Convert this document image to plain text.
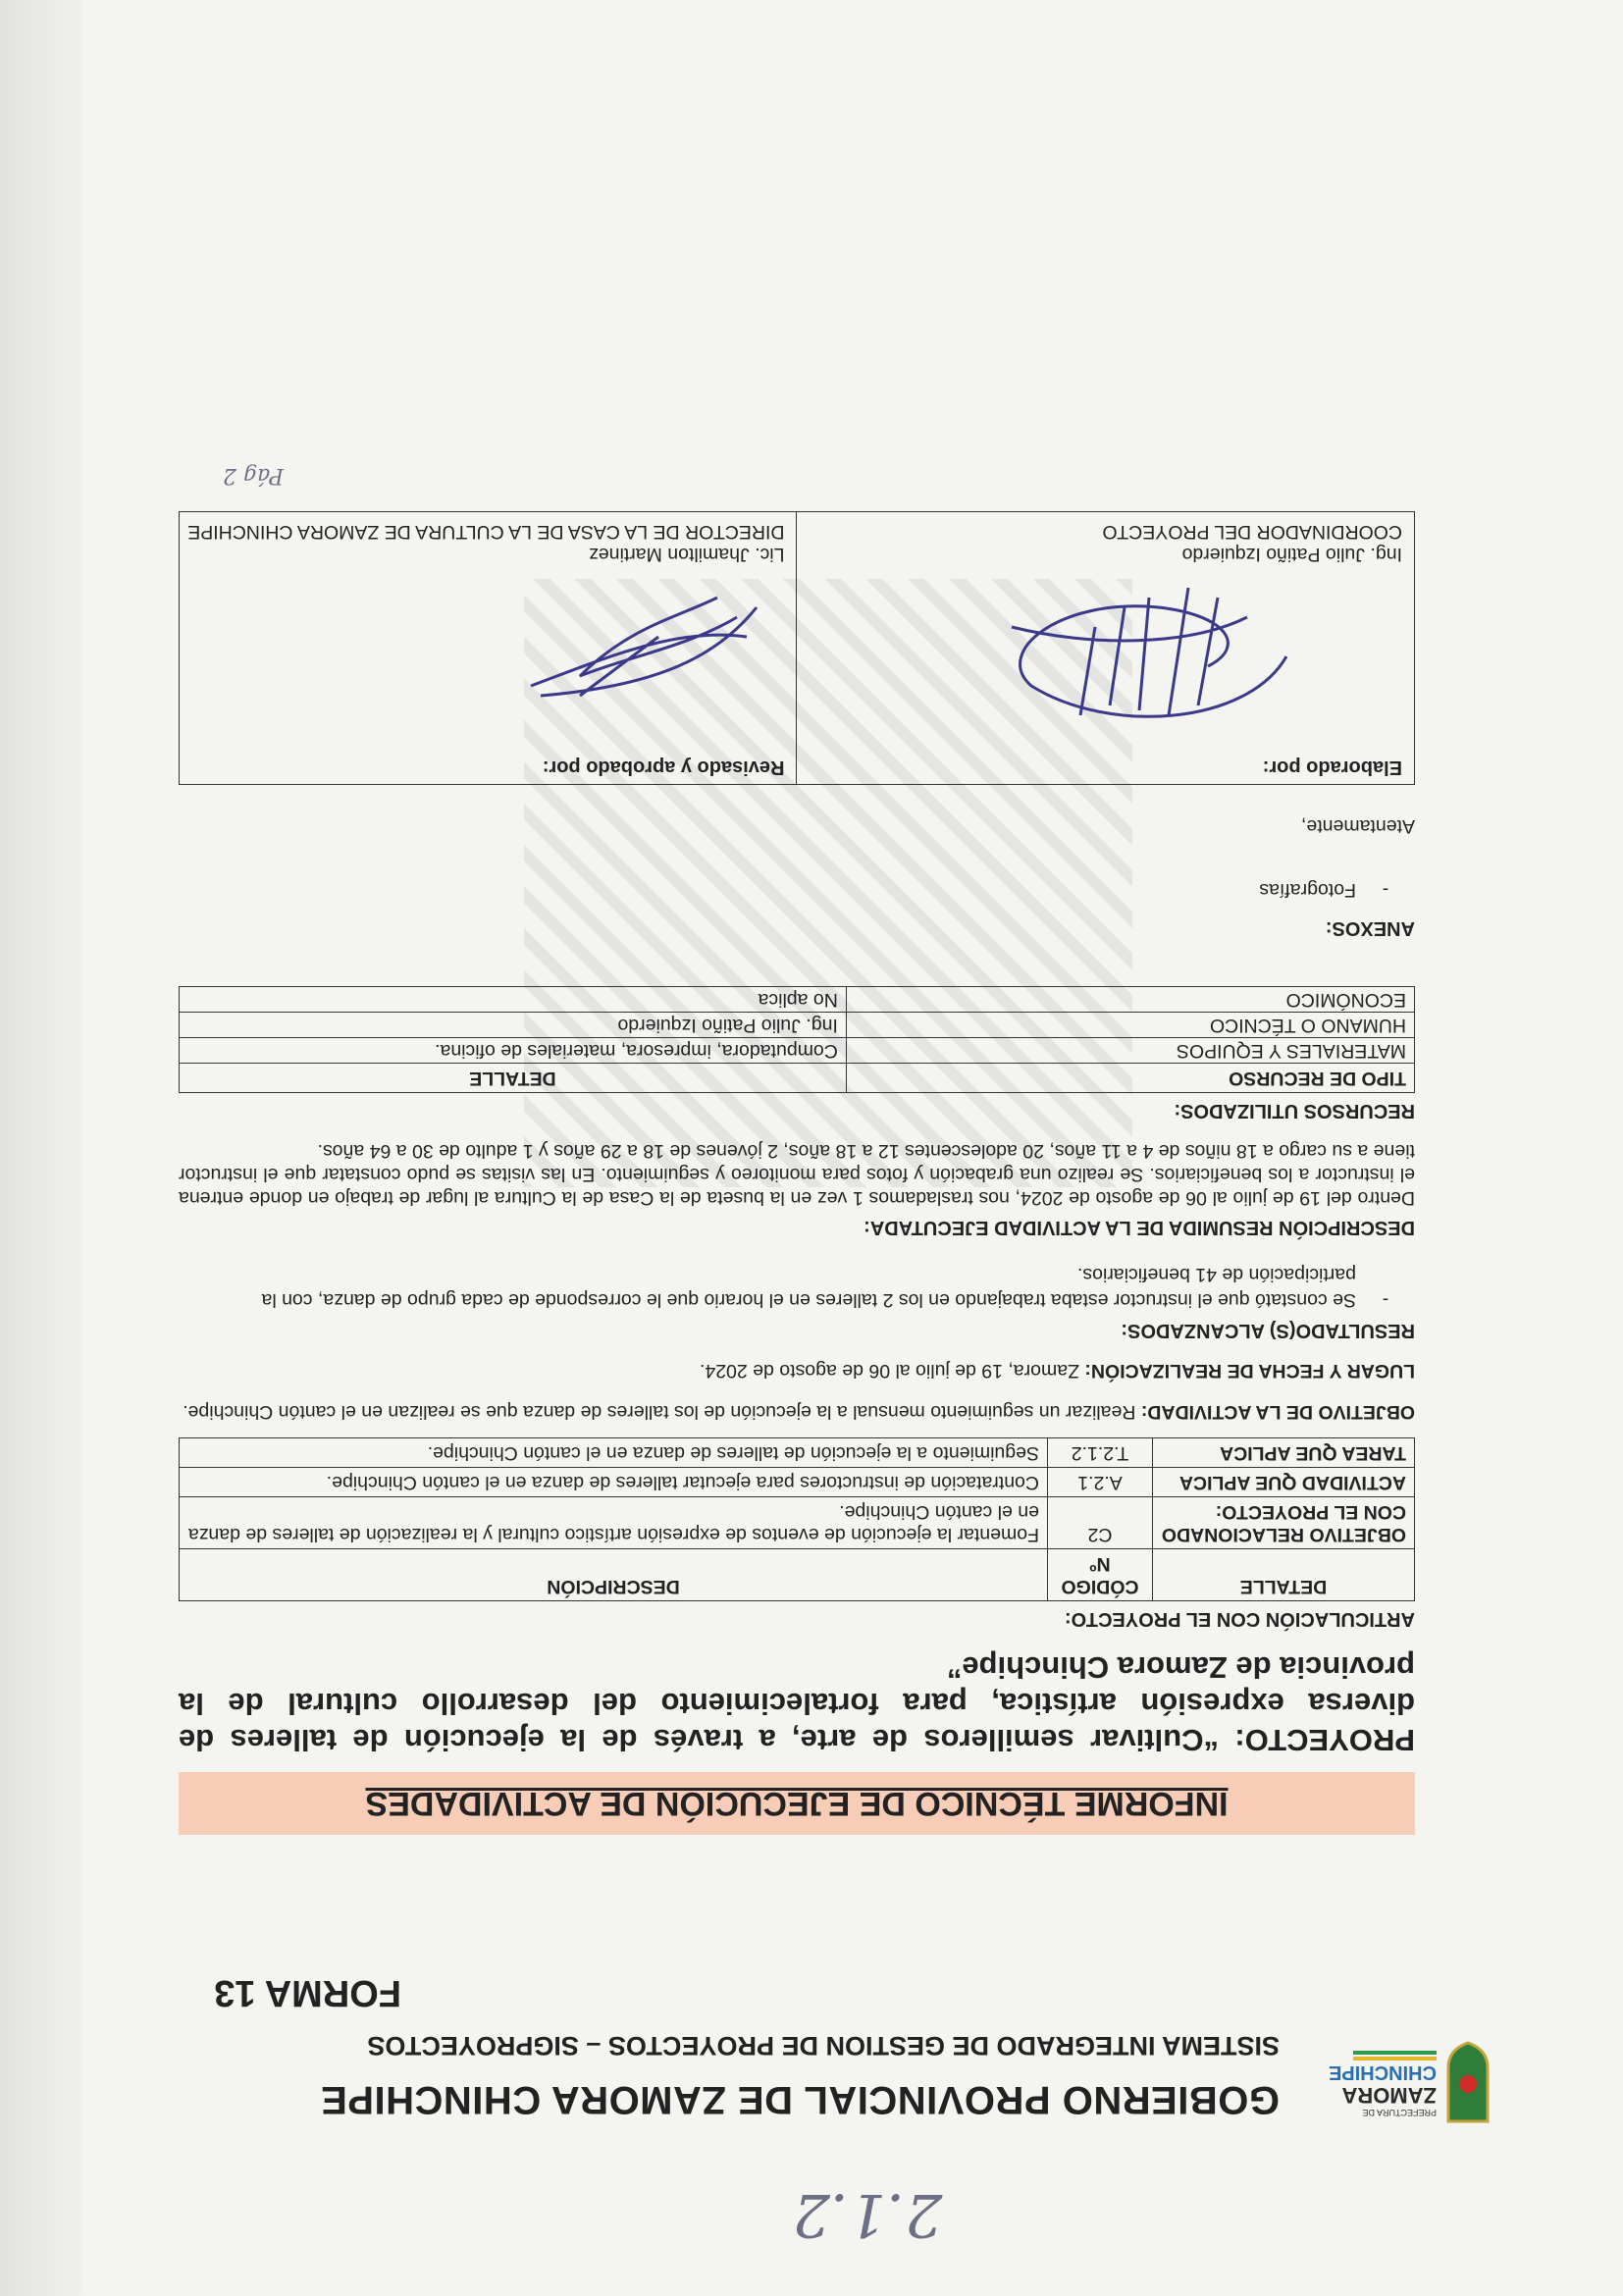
2.1.2
PREFECTURA DE
ZAMORA
CHINCHIPE
GOBIERNO PROVINCIAL DE ZAMORA CHINCHIPE
SISTEMA INTEGRADO DE GESTION DE PROYECTOS – SIGPROYECTOS
FORMA 13
INFORME TÉCNICO DE EJECUCIÓN DE ACTIVIDADES
PROYECTO: “Cultivar semilleros de arte, a través de la ejecución de talleres de diversa expresión artística, para fortalecimiento del desarrollo cultural de la provincia de Zamora Chinchipe”
ARTICULACIÓN CON EL PROYECTO:
DETALLE	CÓDIGO Nº	DESCRIPCIÓN
OBJETIVO RELACIONADO CON EL PROYECTO:	C2	Fomentar la ejecución de eventos de expresión artístico cultural y la realización de talleres de danza en el cantón Chinchipe.
ACTIVIDAD QUE APLICA	A.2.1	Contratación de instructores para ejecutar talleres de danza en el cantón Chinchipe.
TAREA QUE APLICA	T.2.1.2	Seguimiento a la ejecución de talleres de danza en el cantón Chinchipe.

OBJETIVO DE LA ACTIVIDAD: Realizar un seguimiento mensual a la ejecución de los talleres de danza que se realizan en el cantón Chinchipe.

LUGAR Y FECHA DE REALIZACIÓN: Zamora, 19 de julio al 06 de agosto de 2024.

RESULTADO(S) ALCANZADOS:
-
Se constató que el instructor estaba trabajando en los 2 talleres en el horario que le corresponde de cada grupo de danza, con la participación de 41 beneficiarios.
DESCRIPCIÓN RESUMIDA DE LA ACTIVIDAD EJECUTADA:

Dentro del 19 de julio al 06 de agosto de 2024, nos trasladamos 1 vez en la buseta de la Casa de la Cultura al lugar de trabajo en donde entrena el instructor a los beneficiarios. Se realizo una grabación y fotos para monitoreo y seguimiento. En las visitas se pudo constatar que el instructor tiene a su cargo a 18 niños de 4 a 11 años, 20 adolescentes 12 a 18 años, 2 jóvenes de 18 a 29 años y 1 adulto de 30 a 64 años.

RECURSOS UTILIZADOS:
TIPO DE RECURSO	DETALLE
MATERIALES Y EQUIPOS	Computadora, impresora, materiales de oficina.
HUMANO O TÉCNICO	Ing. Julio Patiño Izquierdo
ECONÓMICO	No aplica
ANEXOS:
-
Fotografías

Atentamente,

Elaborado por:
Ing. Julio Patiño Izquierdo
COORDINADOR DEL PROYECTO

Revisado y aprobado por:
Lic. Jhamilton Martinez
DIRECTOR DE LA CASA DE LA CULTURA DE ZAMORA CHINCHIPE
Pág 2
